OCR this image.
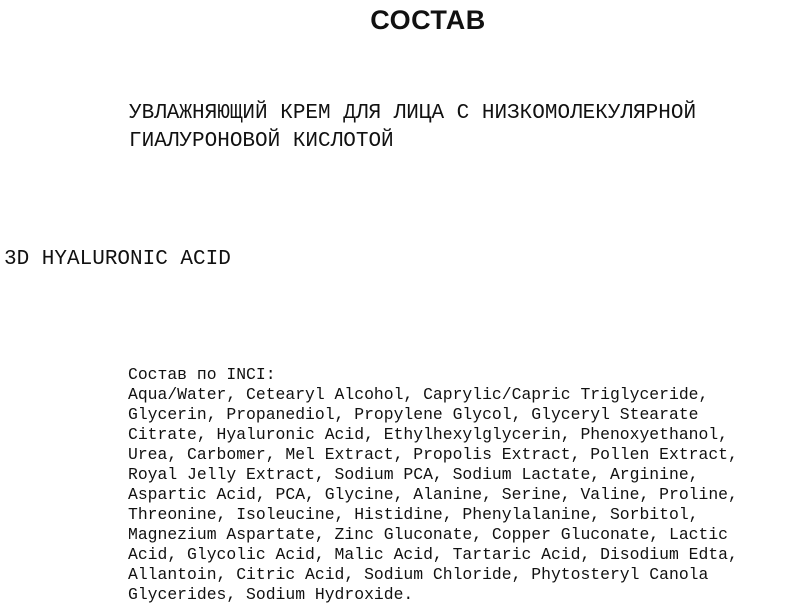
СОСТАВ
УВЛАЖНЯЮЩИЙ КРЕМ ДЛЯ ЛИЦА С НИЗКОМОЛЕКУЛЯРНОЙ
ГИАЛУРОНОВОЙ КИСЛОТОЙ
3D HYALURONIC ACID
Состав по INCI:
Aqua/Water, Cetearyl Alcohol, Caprylic/Capric Triglyceride,
Glycerin, Propanediol, Propylene Glycol, Glyceryl Stearate
Citrate, Hyaluronic Acid, Ethylhexylglycerin, Phenoxyethanol,
Urea, Carbomer, Mel Extract, Propolis Extract, Pollen Extract,
Royal Jelly Extract, Sodium PCA, Sodium Lactate, Arginine,
Aspartic Acid, PCA, Glycine, Alanine, Serine, Valine, Proline,
Threonine, Isoleucine, Histidine, Phenylalanine, Sorbitol,
Magnezium Aspartate, Zinc Gluconate, Copper Gluconate, Lactic
Acid, Glycolic Acid, Malic Acid, Tartaric Acid, Disodium Edta,
Allantoin, Citric Acid, Sodium Chloride, Phytosteryl Canola
Glycerides, Sodium Hydroxide.
